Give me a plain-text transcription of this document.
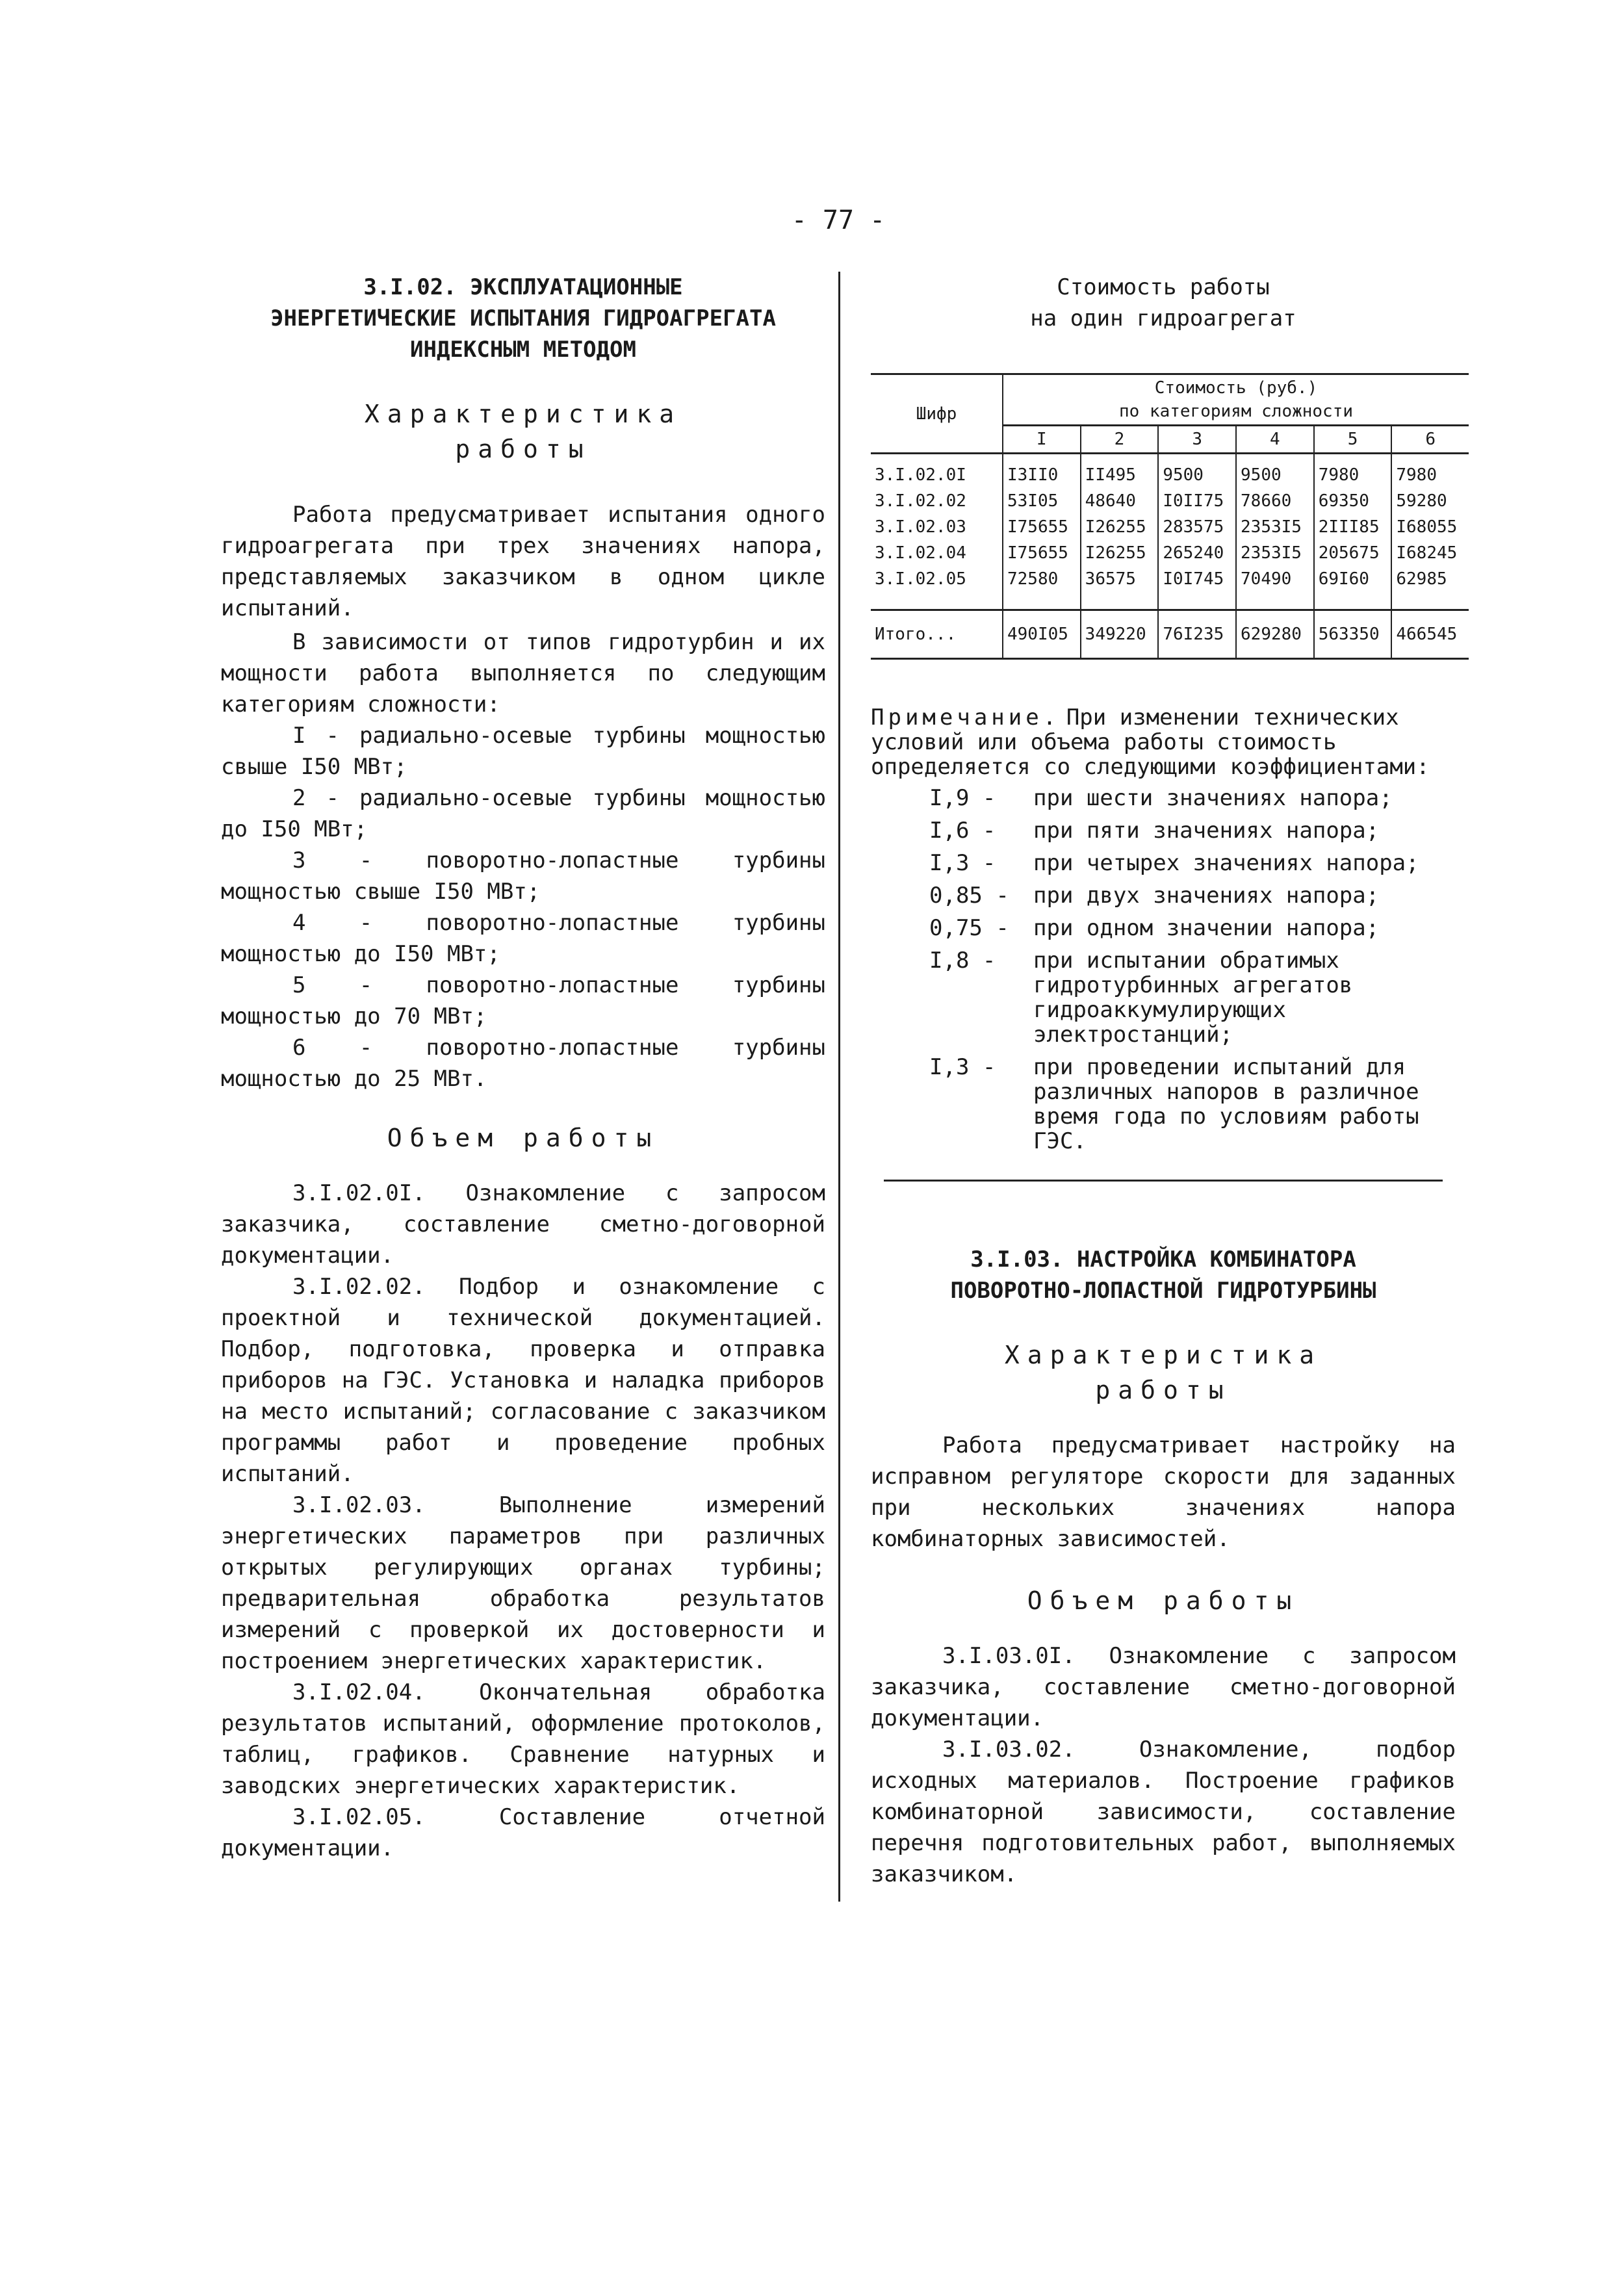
- 77 -
3.I.02. ЭКСПЛУАТАЦИОННЫЕ
ЭНЕРГЕТИЧЕСКИЕ ИСПЫТАНИЯ ГИДРОАГРЕГАТА
ИНДЕКСНЫМ МЕТОДОМ
Характеристика
работы

Работа предусматривает испытания одного гидроагрегата при трех значениях напора, представляемых заказчиком в одном цикле испытаний.

В зависимости от типов гидротурбин и их мощности работа выполняется по следующим категориям сложности:

I - радиально-осевые турбины мощностью свыше I50 МВт;

2 - радиально-осевые турбины мощностью до I50 МВт;

3 - поворотно-лопастные турбины мощностью свыше I50 МВт;

4 - поворотно-лопастные турбины мощностью до I50 МВт;

5 - поворотно-лопастные турбины мощностью до 70 МВт;

6 - поворотно-лопастные турбины мощностью до 25 МВт.

Объем работы

3.I.02.0I. Ознакомление с запросом заказчика, составление сметно-договорной документации.

3.I.02.02. Подбор и ознакомление с проектной и технической документацией. Подбор, подготовка, проверка и отправка приборов на ГЭС. Установка и наладка приборов на место испытаний; согласование с заказчиком программы работ и проведение пробных испытаний.

3.I.02.03. Выполнение измерений энергетических параметров при различных открытых регулирующих органах турбины; предварительная обработка результатов измерений с проверкой их достоверности и построением энергетических характеристик.

3.I.02.04. Окончательная обработка результатов испытаний, оформление протоколов, таблиц, графиков. Сравнение натурных и заводских энергетических характеристик.

3.I.02.05. Составление отчетной документации.

Стоимость работы
на один гидроагрегат
Шифр	Стоимость (руб.)
по категориям сложности					

	I	2	3	4	5	6
3.I.02.0I	I3II0	II495	9500	9500	7980	7980
3.I.02.02	53I05	48640	I0II75	78660	69350	59280
3.I.02.03	I75655	I26255	283575	2353I5	2III85	I68055
3.I.02.04	I75655	I26255	265240	2353I5	205675	I68245
3.I.02.05	72580	36575	I0I745	70490	69I60	62985
Итого...	490I05	349220	76I235	629280	563350	466545

Примечание.

При изменении технических условий или объема работы стоимость определяется со следующими коэффициентами:

I,9 -	при шести значениях напора;
I,6 -	при пяти значениях напора;
I,3 -	при четырех значениях напора;
0,85 -	при двух значениях напора;
0,75 -	при одном значении напора;
I,8 -	при испытании обратимых гидротурбинных агрегатов гидроаккумулирующих электростанций;
I,3 -	при проведении испытаний для различных напоров в различное время года по условиям работы ГЭС.
3.I.03. НАСТРОЙКА КОМБИНАТОРА
ПОВОРОТНО-ЛОПАСТНОЙ ГИДРОТУРБИНЫ
Характеристика
работы

Работа предусматривает настройку на исправном регуляторе скорости для заданных при нескольких значениях напора комбинаторных зависимостей.

Объем работы

3.I.03.0I. Ознакомление с запросом заказчика, составление сметно-договорной документации.

3.I.03.02. Ознакомление, подбор исходных материалов. Построение графиков комбинаторной зависимости, составление перечня подготовительных работ, выполняемых заказчиком.
